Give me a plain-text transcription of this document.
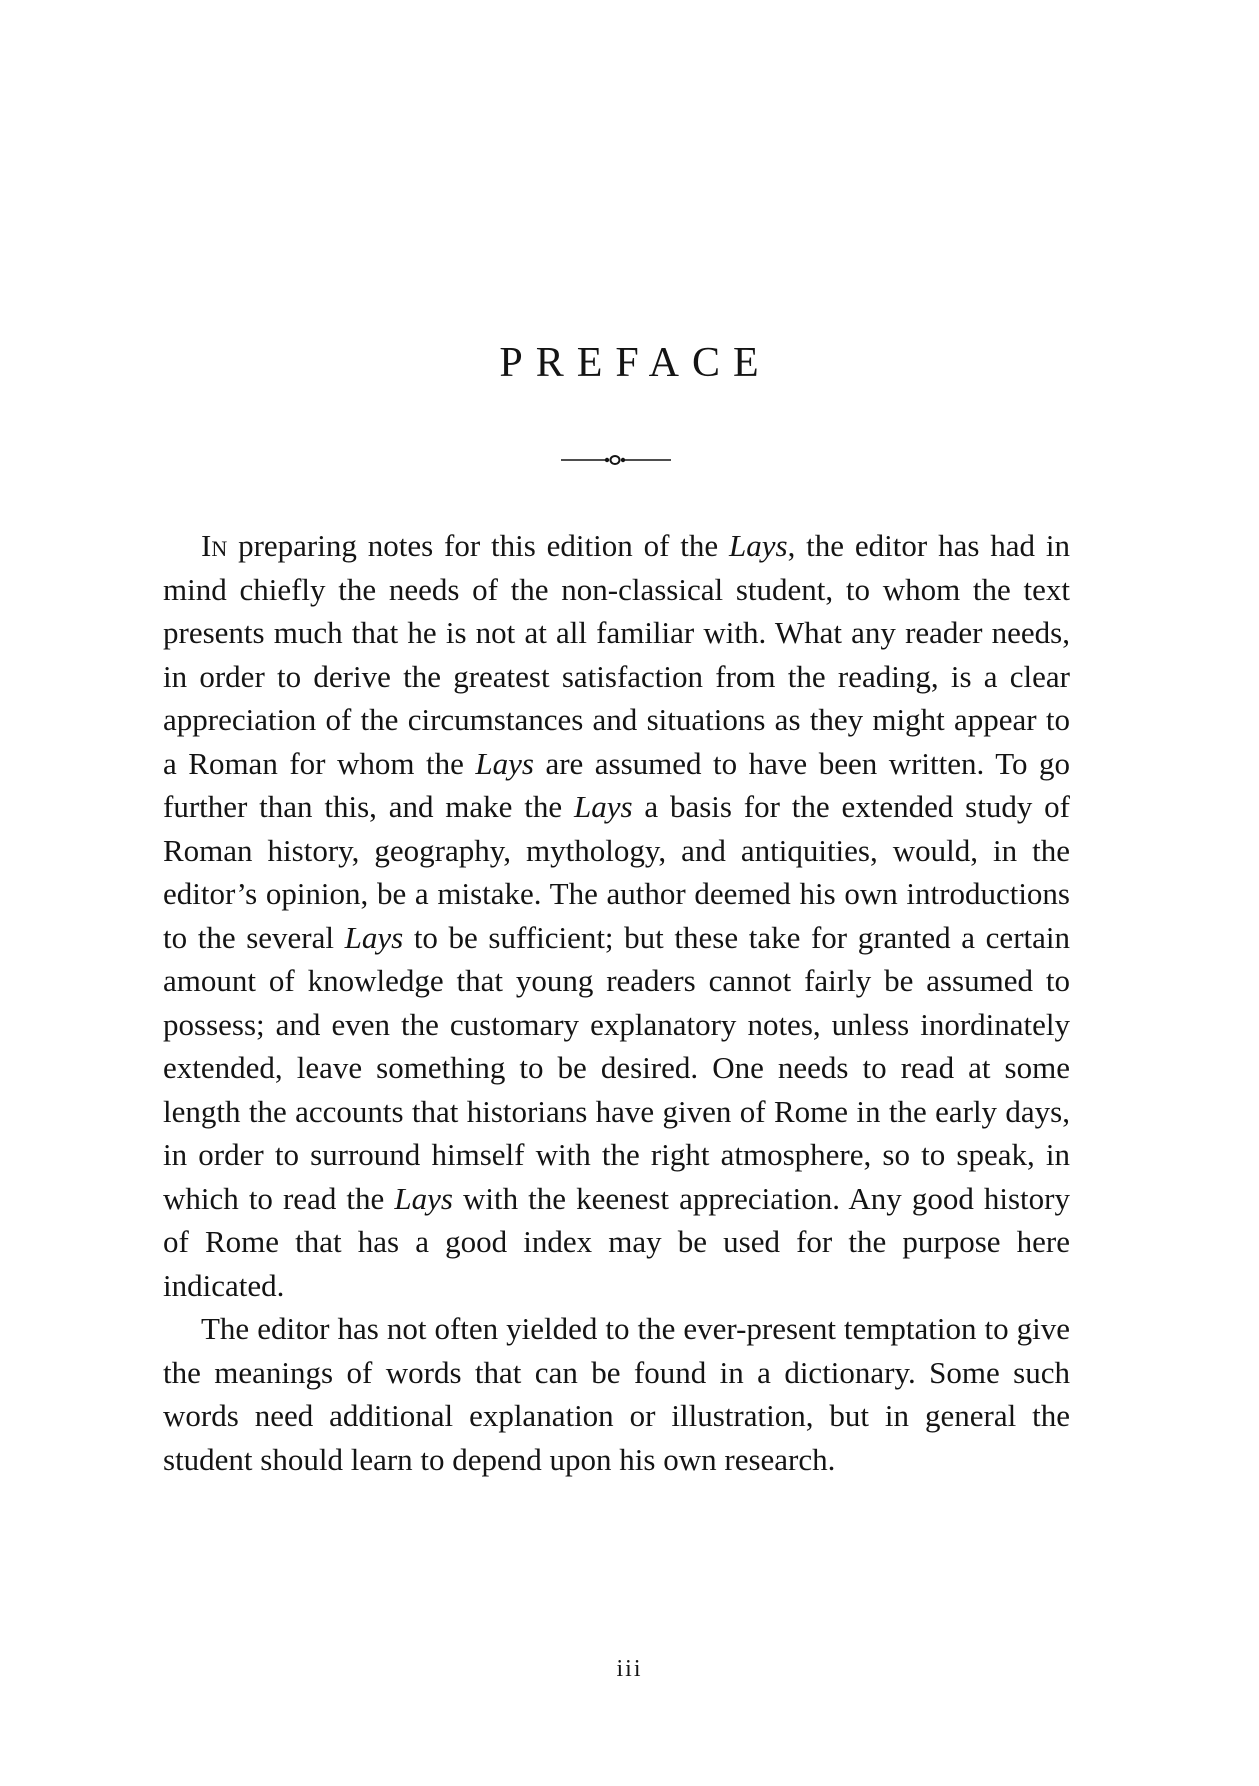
PREFACE

In preparing notes for this edition of the Lays, the editor has had in mind chiefly the needs of the non-classical student, to whom the text presents much that he is not at all familiar with. What any reader needs, in order to derive the greatest satisfaction from the reading, is a clear appreciation of the circumstances and situations as they might appear to a Roman for whom the Lays are assumed to have been written. To go further than this, and make the Lays a basis for the extended study of Roman history, geography, mythology, and antiquities, would, in the editor’s opinion, be a mistake. The author deemed his own introductions to the several Lays to be sufficient; but these take for granted a certain amount of knowledge that young readers cannot fairly be assumed to possess; and even the customary explanatory notes, unless inordinately extended, leave something to be desired. One needs to read at some length the accounts that historians have given of Rome in the early days, in order to surround himself with the right atmosphere, so to speak, in which to read the Lays with the keenest appreciation. Any good history of Rome that has a good index may be used for the purpose here indicated.

The editor has not often yielded to the ever-present temptation to give the meanings of words that can be found in a dictionary. Some such words need additional explanation or illustration, but in general the student should learn to depend upon his own research.

iii
